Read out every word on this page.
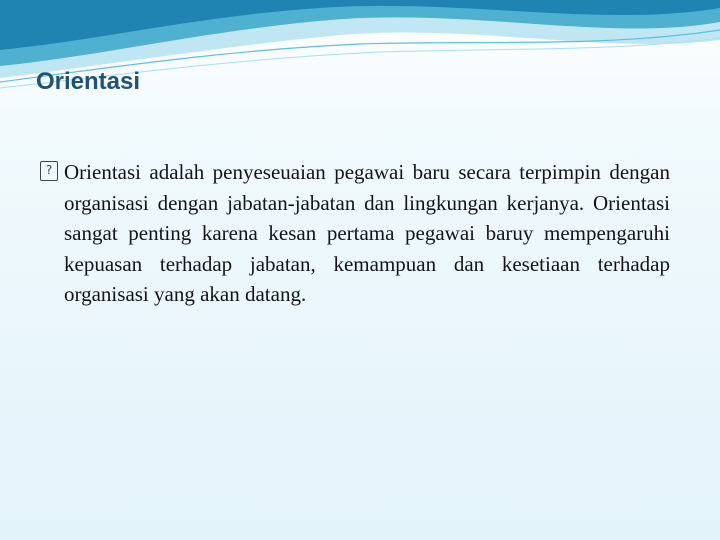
Orientasi
? Orientasi adalah penyeseuaian pegawai baru secara terpimpin dengan organisasi dengan jabatan-jabatan dan lingkungan kerjanya. Orientasi sangat penting karena kesan pertama pegawai baruy mempengaruhi kepuasan terhadap jabatan, kemampuan dan kesetiaan terhadap organisasi yang akan datang.
